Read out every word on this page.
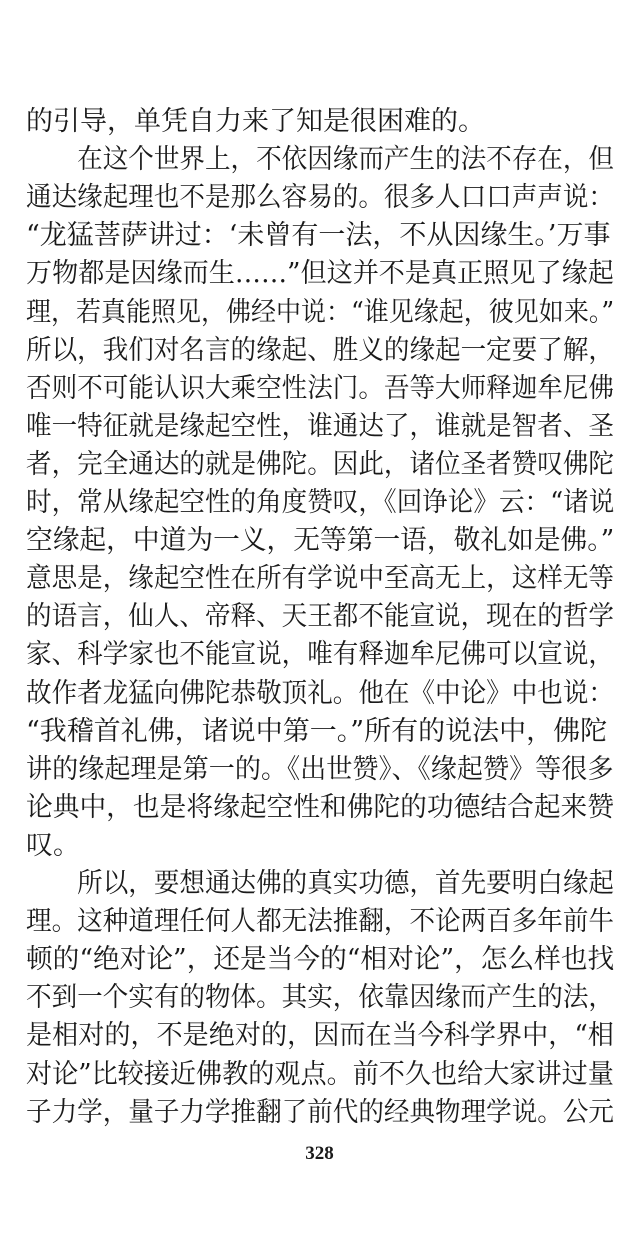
的引导，单凭自力来了知是很困难的。
　　在这个世界上，不依因缘而产生的法不存在，但
通达缘起理也不是那么容易的。很多人口口声声说：
“龙猛菩萨讲过：‘未曾有一法，不从因缘生。’万事
万物都是因缘而生……”但这并不是真正照见了缘起
理，若真能照见，佛经中说：“谁见缘起，彼见如来。”
所以，我们对名言的缘起、胜义的缘起一定要了解，
否则不可能认识大乘空性法门。吾等大师释迦牟尼佛
唯一特征就是缘起空性，谁通达了，谁就是智者、圣
者，完全通达的就是佛陀。因此，诸位圣者赞叹佛陀
时，常从缘起空性的角度赞叹，《回诤论》云：“诸说
空缘起，中道为一义，无等第一语，敬礼如是佛。”
意思是，缘起空性在所有学说中至高无上，这样无等
的语言，仙人、帝释、天王都不能宣说，现在的哲学
家、科学家也不能宣说，唯有释迦牟尼佛可以宣说，
故作者龙猛向佛陀恭敬顶礼。他在《中论》中也说：
“我稽首礼佛，诸说中第一。”所有的说法中，佛陀
讲的缘起理是第一的。《出世赞》、《缘起赞》等很多
论典中，也是将缘起空性和佛陀的功德结合起来赞
叹。
　　所以，要想通达佛的真实功德，首先要明白缘起
理。这种道理任何人都无法推翻，不论两百多年前牛
顿的“绝对论”，还是当今的“相对论”，怎么样也找
不到一个实有的物体。其实，依靠因缘而产生的法，
是相对的，不是绝对的，因而在当今科学界中，“相
对论”比较接近佛教的观点。前不久也给大家讲过量
子力学，量子力学推翻了前代的经典物理学说。公元
328
